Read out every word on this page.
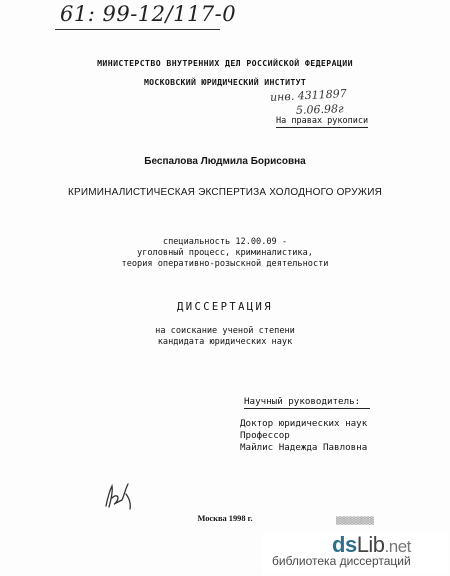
61: 99-12/117-0
МИНИСТЕРСТВО ВНУТРЕННИХ ДЕЛ РОССИЙСКОЙ ФЕДЕРАЦИИ
МОСКОВСКИЙ ЮРИДИЧЕСКИЙ ИНСТИТУТ
инв. 4311897
5.06.98г
На правах рукописи
Беспалова Людмила Борисовна
КРИМИНАЛИСТИЧЕСКАЯ ЭКСПЕРТИЗА ХОЛОДНОГО ОРУЖИЯ
специальность 12.00.09 -
уголовный процесс, криминалистика,
теория оперативно-розыскной деятельности
ДИССЕРТАЦИЯ
на соискание ученой степени
кандидата юридических наук
Научный руководитель:
Доктор юридических наук
Профессор
Майлис Надежда Павловна
Москва 1998 г.	▒▒▒▒▒▒▒▒▒
dsLib.net
библиотека диссертаций
